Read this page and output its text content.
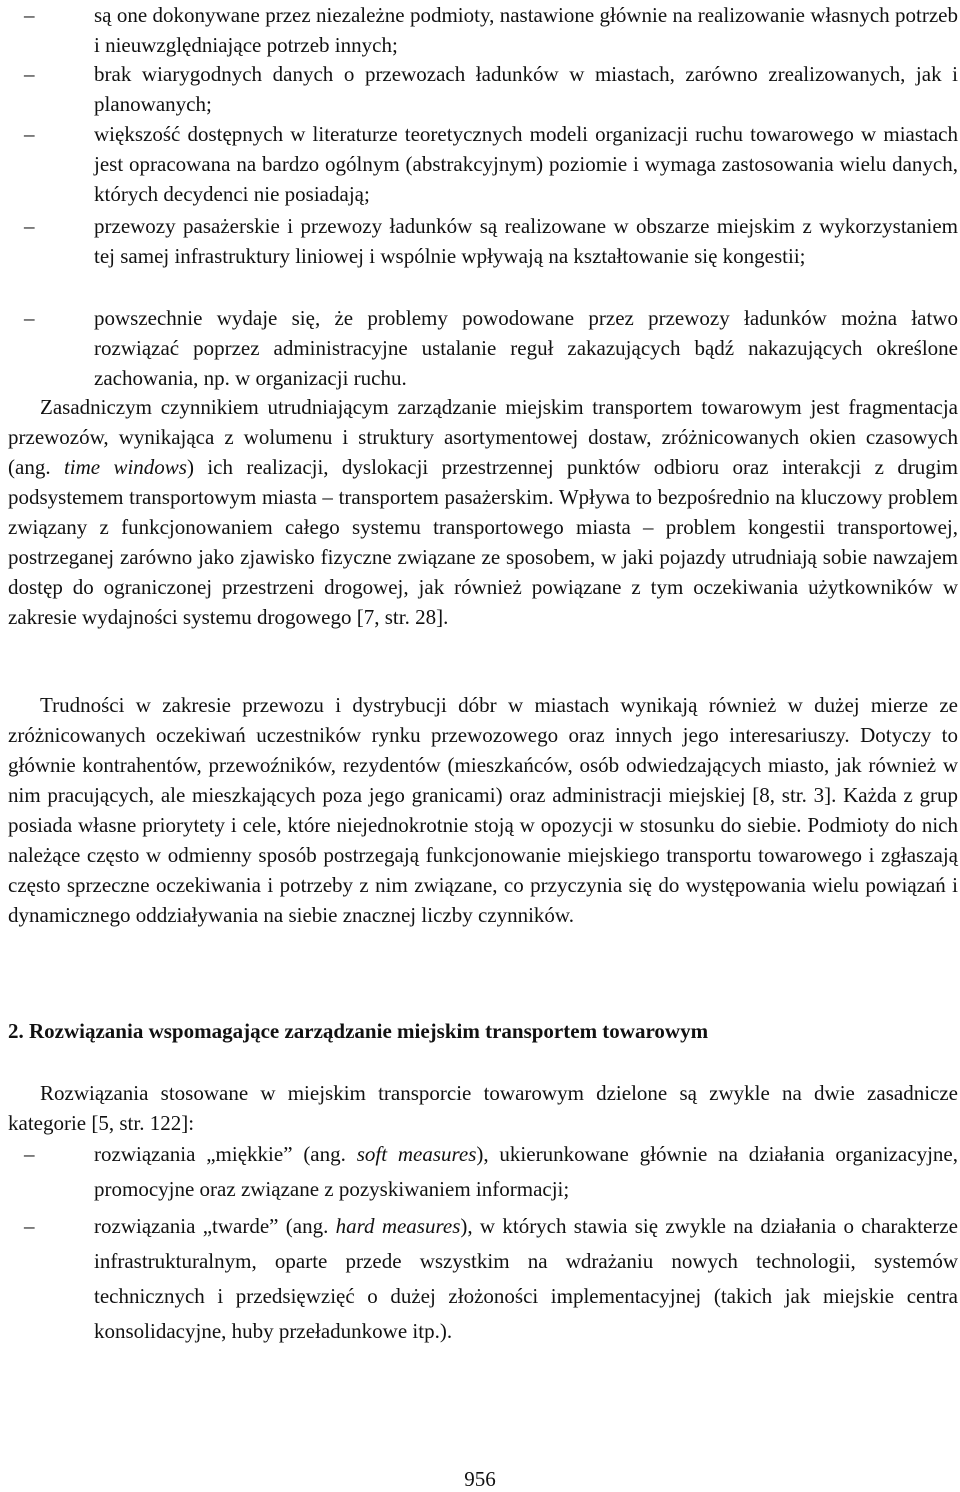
– są one dokonywane przez niezależne podmioty, nastawione głównie na realizowanie własnych potrzeb i nieuwzględniające potrzeb innych;

– brak wiarygodnych danych o przewozach ładunków w miastach, zarówno zrealizowanych, jak i planowanych;

– większość dostępnych w literaturze teoretycznych modeli organizacji ruchu towarowego w miastach jest opracowana na bardzo ogólnym (abstrakcyjnym) poziomie i wymaga zastosowania wielu danych, których decydenci nie posiadają;

– przewozy pasażerskie i przewozy ładunków są realizowane w obszarze miejskim z wykorzystaniem tej samej infrastruktury liniowej i wspólnie wpływają na kształtowanie się kongestii;

– powszechnie wydaje się, że problemy powodowane przez przewozy ładunków można łatwo rozwiązać poprzez administracyjne ustalanie reguł zakazujących bądź nakazujących określone zachowania, np. w organizacji ruchu.

Zasadniczym czynnikiem utrudniającym zarządzanie miejskim transportem towarowym jest fragmentacja przewozów, wynikająca z wolumenu i struktury asortymentowej dostaw, zróżnicowanych okien czasowych (ang. time windows) ich realizacji, dyslokacji przestrzennej punktów odbioru oraz interakcji z drugim podsystemem transportowym miasta – transportem pasażerskim. Wpływa to bezpośrednio na kluczowy problem związany z funkcjonowaniem całego systemu transportowego miasta – problem kongestii transportowej, postrzeganej zarówno jako zjawisko fizyczne związane ze sposobem, w jaki pojazdy utrudniają sobie nawzajem dostęp do ograniczonej przestrzeni drogowej, jak również powiązane z tym oczekiwania użytkowników w zakresie wydajności systemu drogowego [7, str. 28].

Trudności w zakresie przewozu i dystrybucji dóbr w miastach wynikają również w dużej mierze ze zróżnicowanych oczekiwań uczestników rynku przewozowego oraz innych jego interesariuszy. Dotyczy to głównie kontrahentów, przewoźników, rezydentów (mieszkańców, osób odwiedzających miasto, jak również w nim pracujących, ale mieszkających poza jego granicami) oraz administracji miejskiej [8, str. 3]. Każda z grup posiada własne priorytety i cele, które niejednokrotnie stoją w opozycji w stosunku do siebie. Podmioty do nich należące często w odmienny sposób postrzegają funkcjonowanie miejskiego transportu towarowego i zgłaszają często sprzeczne oczekiwania i potrzeby z nim związane, co przyczynia się do występowania wielu powiązań i dynamicznego oddziaływania na siebie znacznej liczby czynników.

2. Rozwiązania wspomagające zarządzanie miejskim transportem towarowym

Rozwiązania stosowane w miejskim transporcie towarowym dzielone są zwykle na dwie zasadnicze kategorie [5, str. 122]:

– rozwiązania „miękkie” (ang. soft measures), ukierunkowane głównie na działania organizacyjne, promocyjne oraz związane z pozyskiwaniem informacji;

– rozwiązania „twarde” (ang. hard measures), w których stawia się zwykle na działania o charakterze infrastrukturalnym, oparte przede wszystkim na wdrażaniu nowych technologii, systemów technicznych i przedsięwzięć o dużej złożoności implementacyjnej (takich jak miejskie centra konsolidacyjne, huby przeładunkowe itp.).

956
